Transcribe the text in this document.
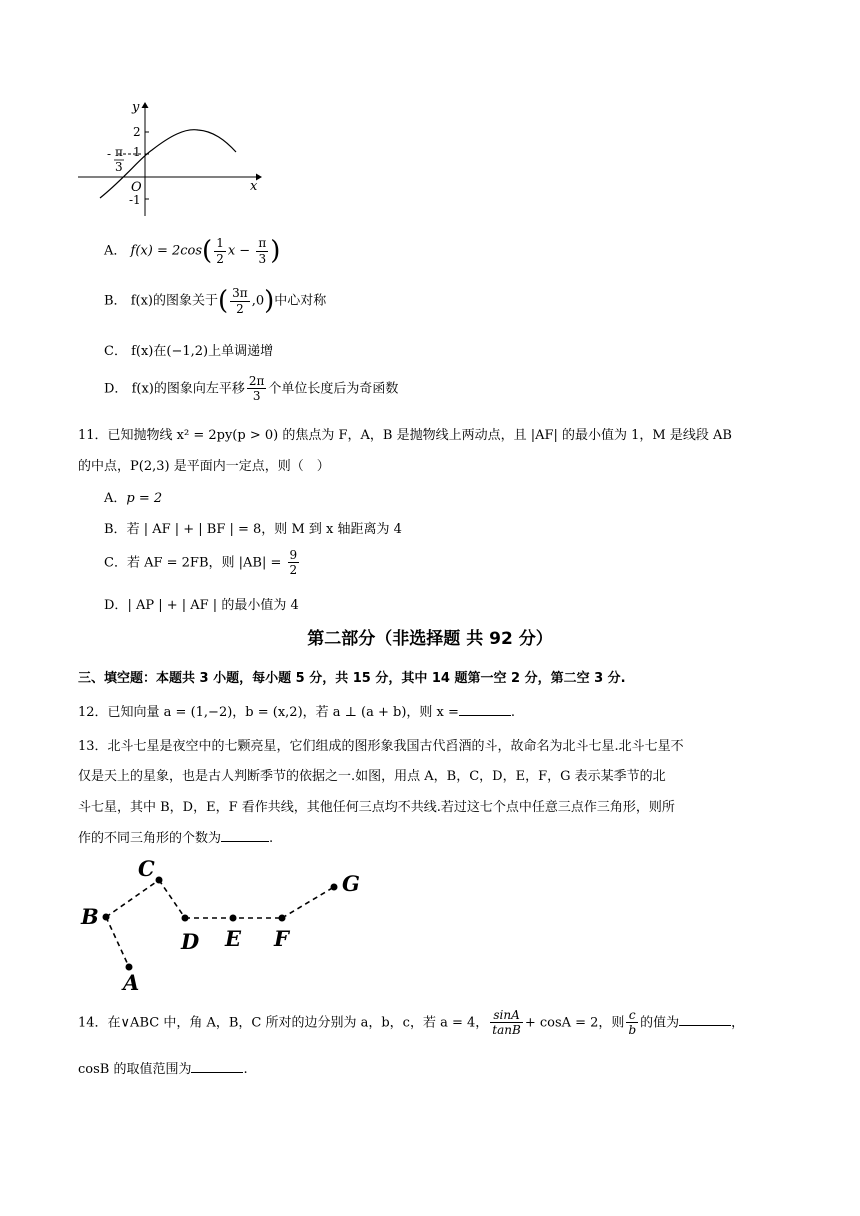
y
x
O
2
1
-1
- π
3
A． $f(x) = 2\cos( \frac{1}{2}$ $x - \frac{\pi}{3}$ )
B． f(x)的图象关于( $\frac{3\pi}{2} ,0$)中心对称
C． f(x)在(−1,2)上单调递增
D． f(x)的图象向左平移 $\frac{2\pi}{3}$ 个单位长度后为奇函数
11．已知抛物线 x² = 2py(p > 0) 的焦点为 F，A，B 是抛物线上两动点，且 |AF| 的最小值为 1，M 是线段 AB
的中点，P(2,3) 是平面内一定点，则（　）
A．p = 2
B．若 | AF | + | BF | = 8，则 M 到 x 轴距离为 4
C．若 AF = 2FB，则 $|AB| = \frac{9}{2}$
D．| AP | + | AF | 的最小值为 4
第二部分（非选择题 共 92 分）
三、填空题：本题共 3 小题，每小题 5 分，共 15 分，其中 14 题第一空 2 分，第二空 3 分.
12．已知向量 a = (1,−2)，b = (x,2)，若 a ⊥ (a + b)，则 x =	.
13．北斗七星是夜空中的七颗亮星，它们组成的图形象我国古代舀酒的斗，故命名为北斗七星.北斗七星不
仅是天上的星象，也是古人判断季节的依据之一.如图，用点 A，B，C，D，E，F，G 表示某季节的北
斗七星，其中 B，D，E，F 看作共线，其他任何三点均不共线.若过这七个点中任意三点作三角形，则所
作的不同三角形的个数为	.
A
B
C
D E F
G
14．在∨ABC 中，角 A，B，C 所对的边分别为 a，b，c，若 a = 4， $\frac{\sin A}{\tan B} + \cos A = 2$，则 $\frac{c}{b}$ 的值为	，
cosB 的取值范围为	.
